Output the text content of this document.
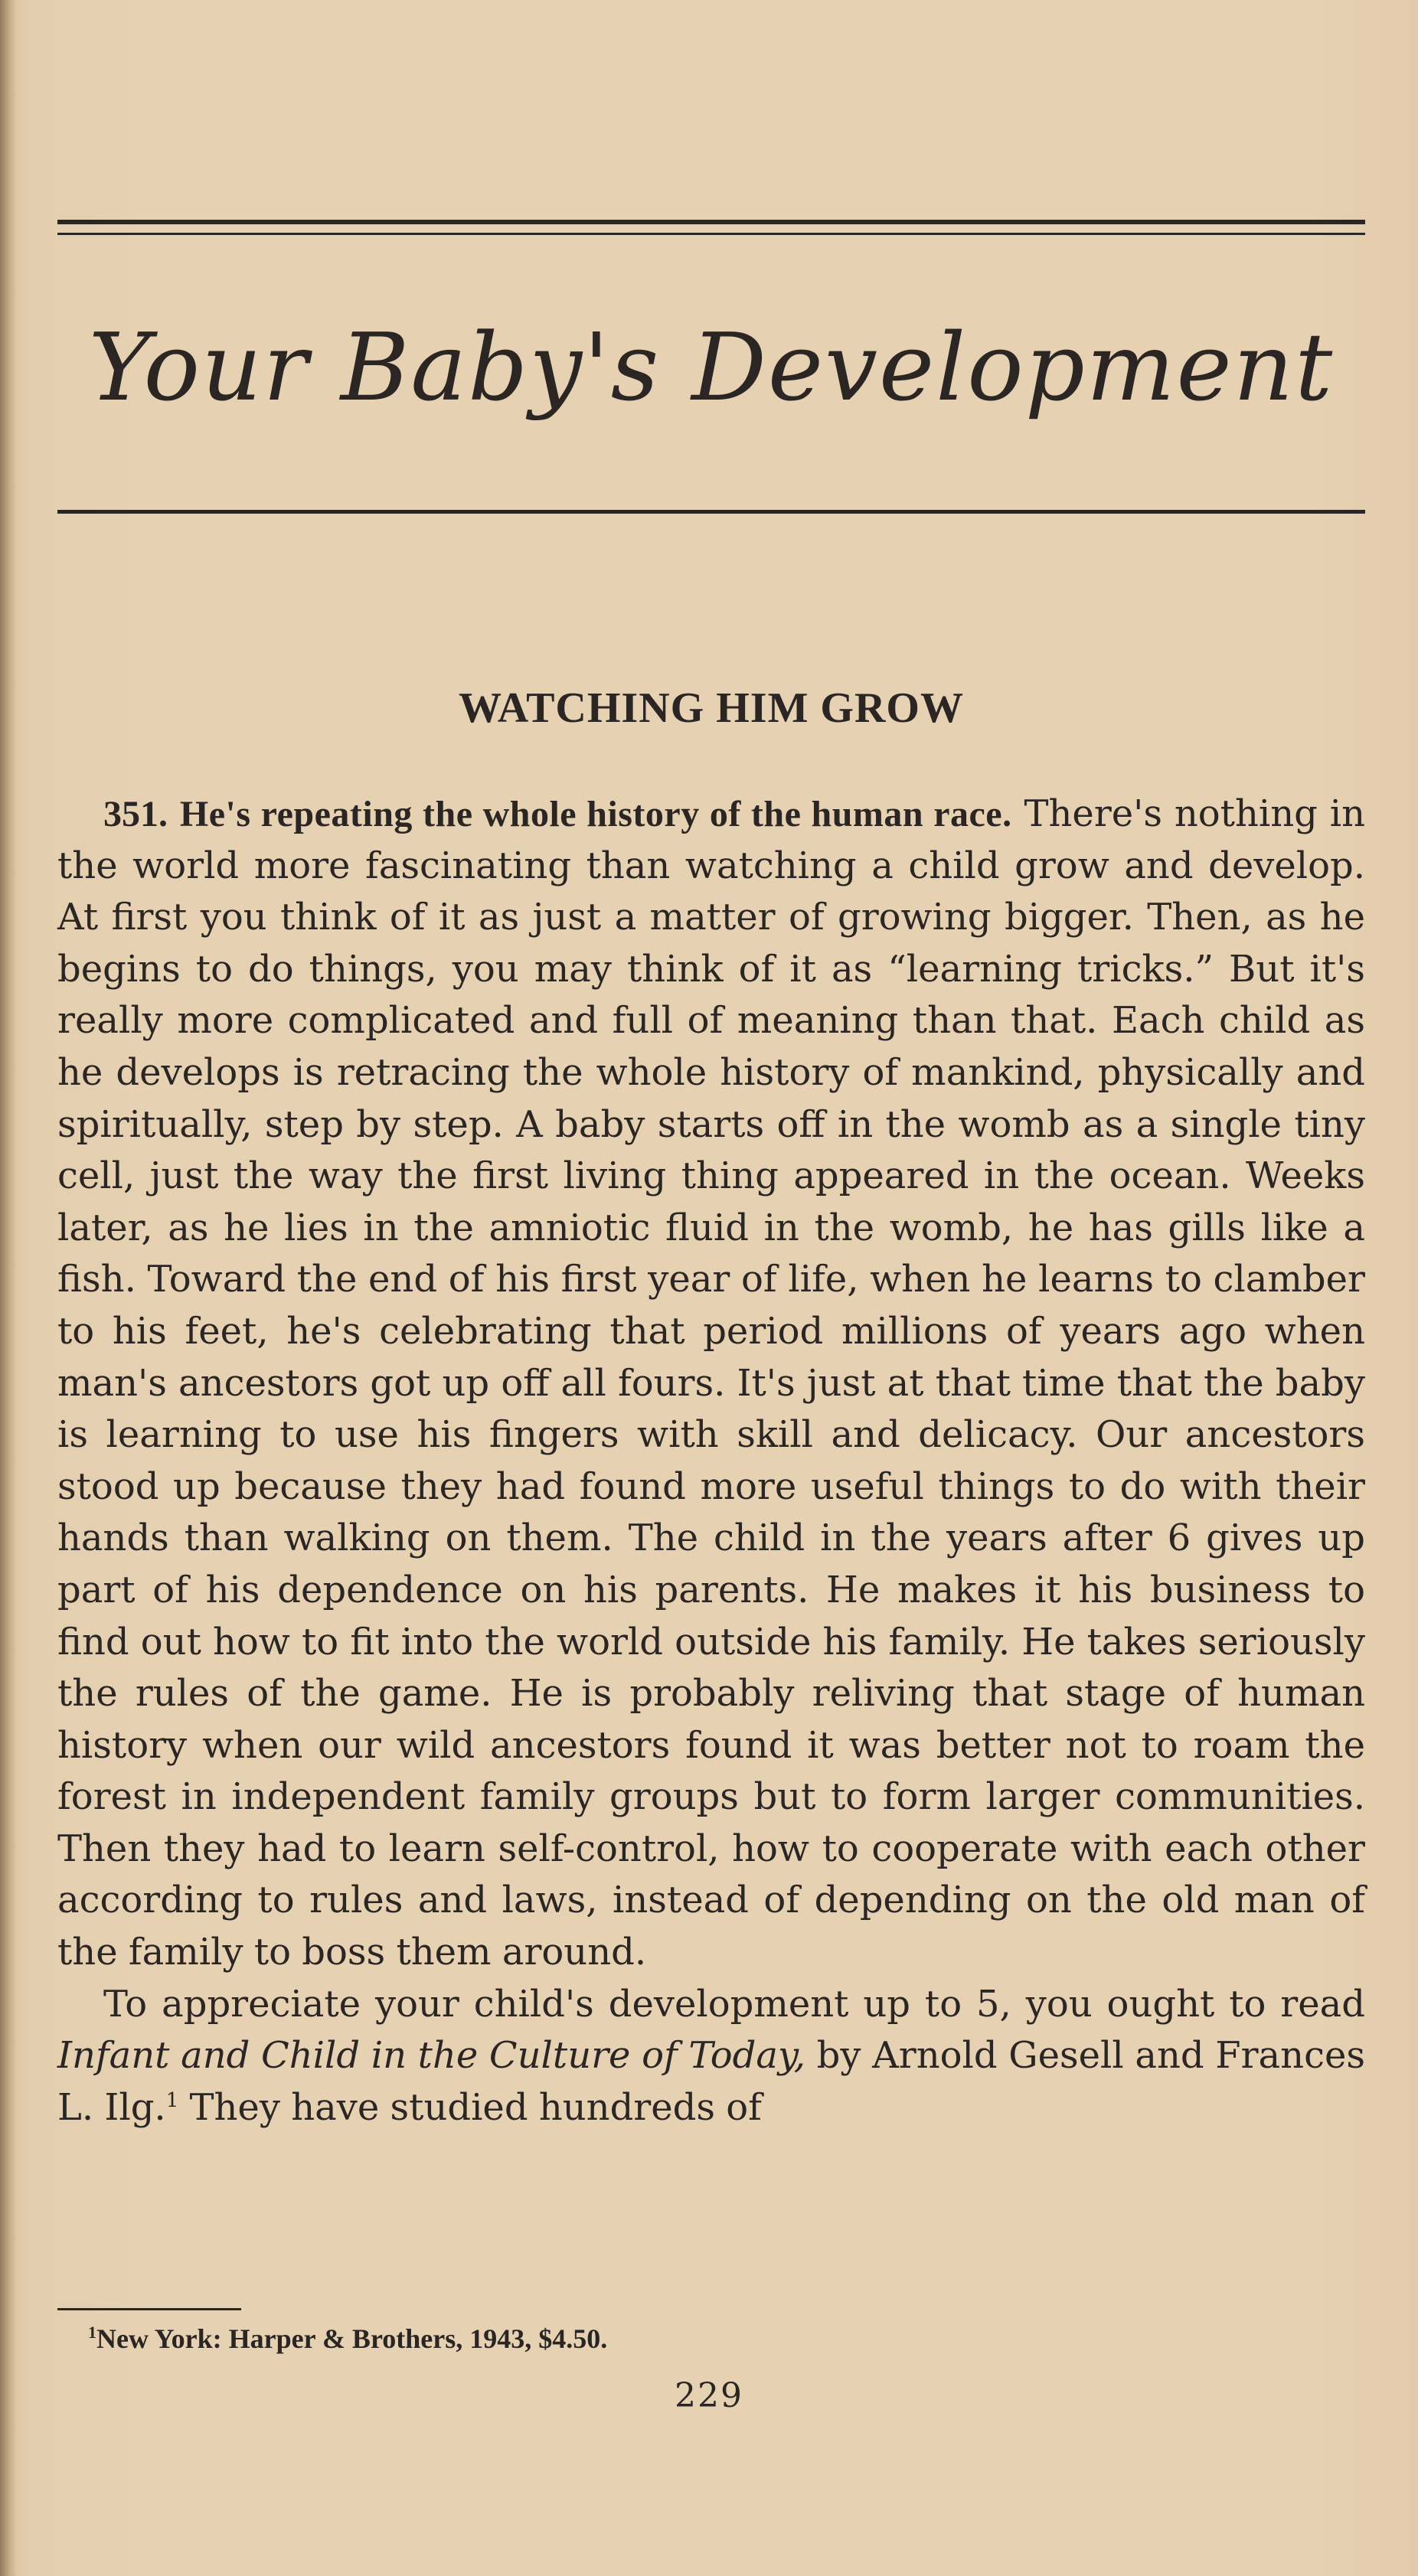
Your Baby's Development
WATCHING HIM GROW

351. He's repeating the whole history of the human race. There's nothing in the world more fascinating than watching a child grow and develop. At first you think of it as just a matter of growing bigger. Then, as he begins to do things, you may think of it as “learning tricks.” But it's really more complicated and full of meaning than that. Each child as he develops is retracing the whole history of mankind, physically and spiritually, step by step. A baby starts off in the womb as a single tiny cell, just the way the first living thing appeared in the ocean. Weeks later, as he lies in the amniotic fluid in the womb, he has gills like a fish. Toward the end of his first year of life, when he learns to clamber to his feet, he's celebrating that period millions of years ago when man's ancestors got up off all fours. It's just at that time that the baby is learning to use his fingers with skill and delicacy. Our ancestors stood up because they had found more useful things to do with their hands than walking on them. The child in the years after 6 gives up part of his dependence on his parents. He makes it his business to find out how to fit into the world outside his family. He takes seriously the rules of the game. He is probably reliving that stage of human history when our wild ancestors found it was better not to roam the forest in independent family groups but to form larger communities. Then they had to learn self-control, how to cooperate with each other according to rules and laws, instead of depending on the old man of the family to boss them around.

To appreciate your child's development up to 5, you ought to read Infant and Child in the Culture of Today, by Arnold Gesell and Frances L. Ilg.$^1$ They have studied hundreds of

$^1$New York: Harper & Brothers, 1943, $4.50.
229
